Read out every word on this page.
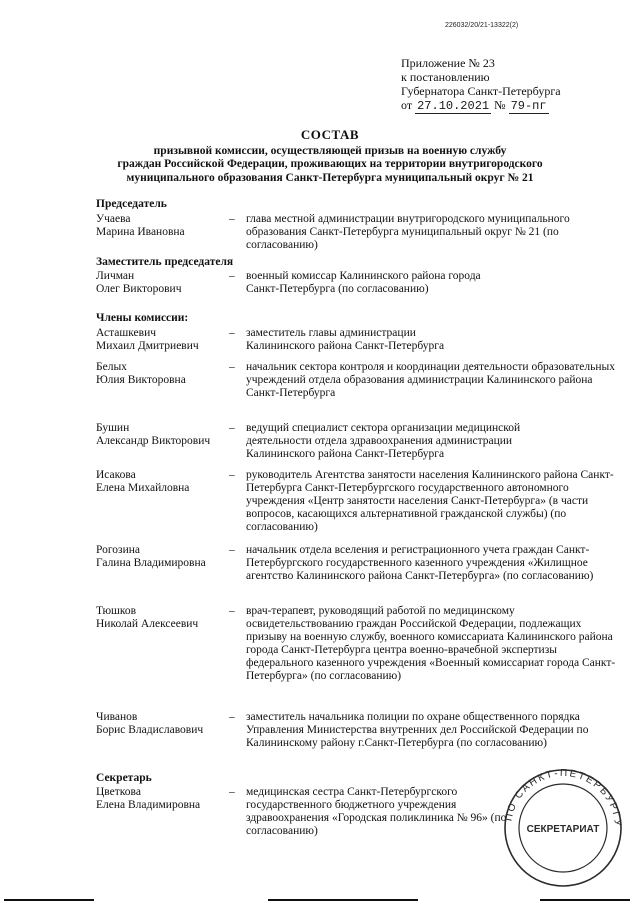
226032/20/21-13322(2)
Приложение № 23
к постановлению
Губернатора Санкт-Петербурга
от 27.10.2021 № 79-пг
СОСТАВ
призывной комиссии, осуществляющей призыв на военную службу
граждан Российской Федерации, проживающих на территории внутригородского
муниципального образования Санкт-Петербурга муниципальный округ № 21
Председатель
Учаева
Марина Ивановна
– глава местной администрации внутригородского муниципального образования Санкт-Петербурга муниципальный округ № 21 (по согласованию)
Заместитель председателя
Личман
Олег Викторович
– военный комиссар Калининского района города Санкт-Петербурга (по согласованию)
Члены комиссии:
Асташкевич
Михаил Дмитриевич
– заместитель главы администрации Калининского района Санкт-Петербурга
Белых
Юлия Викторовна
– начальник сектора контроля и координации деятельности образовательных учреждений отдела образования администрации Калининского района Санкт-Петербурга
Бушин
Александр Викторович
– ведущий специалист сектора организации медицинской деятельности отдела здравоохранения администрации Калининского района Санкт-Петербурга
Исакова
Елена Михайловна
– руководитель Агентства занятости населения Калининского района Санкт-Петербурга Санкт-Петербургского государственного автономного учреждения «Центр занятости населения Санкт-Петербурга» (в части вопросов, касающихся альтернативной гражданской службы) (по согласованию)
Рогозина
Галина Владимировна
– начальник отдела вселения и регистрационного учета граждан Санкт-Петербургского государственного казенного учреждения «Жилищное агентство Калининского района Санкт-Петербурга» (по согласованию)
Тюшков
Николай Алексеевич
– врач-терапевт, руководящий работой по медицинскому освидетельствованию граждан Российской Федерации, подлежащих призыву на военную службу, военного комиссариата Калининского района города Санкт-Петербурга центра военно-врачебной экспертизы федерального казенного учреждения «Военный комиссариат города Санкт-Петербурга» (по согласованию)
Чиванов
Борис Владиславович
– заместитель начальника полиции по охране общественного порядка Управления Министерства внутренних дел Российской Федерации по Калининскому району г.Санкт-Петербурга (по согласованию)
Секретарь
Цветкова
Елена Владимировна
– медицинская сестра Санкт-Петербургского государственного бюджетного учреждения здравоохранения «Городская поликлиника № 96» (по согласованию)
ПО САНКТ-ПЕТЕРБУРГУ
СЕКРЕТАРИАТ
